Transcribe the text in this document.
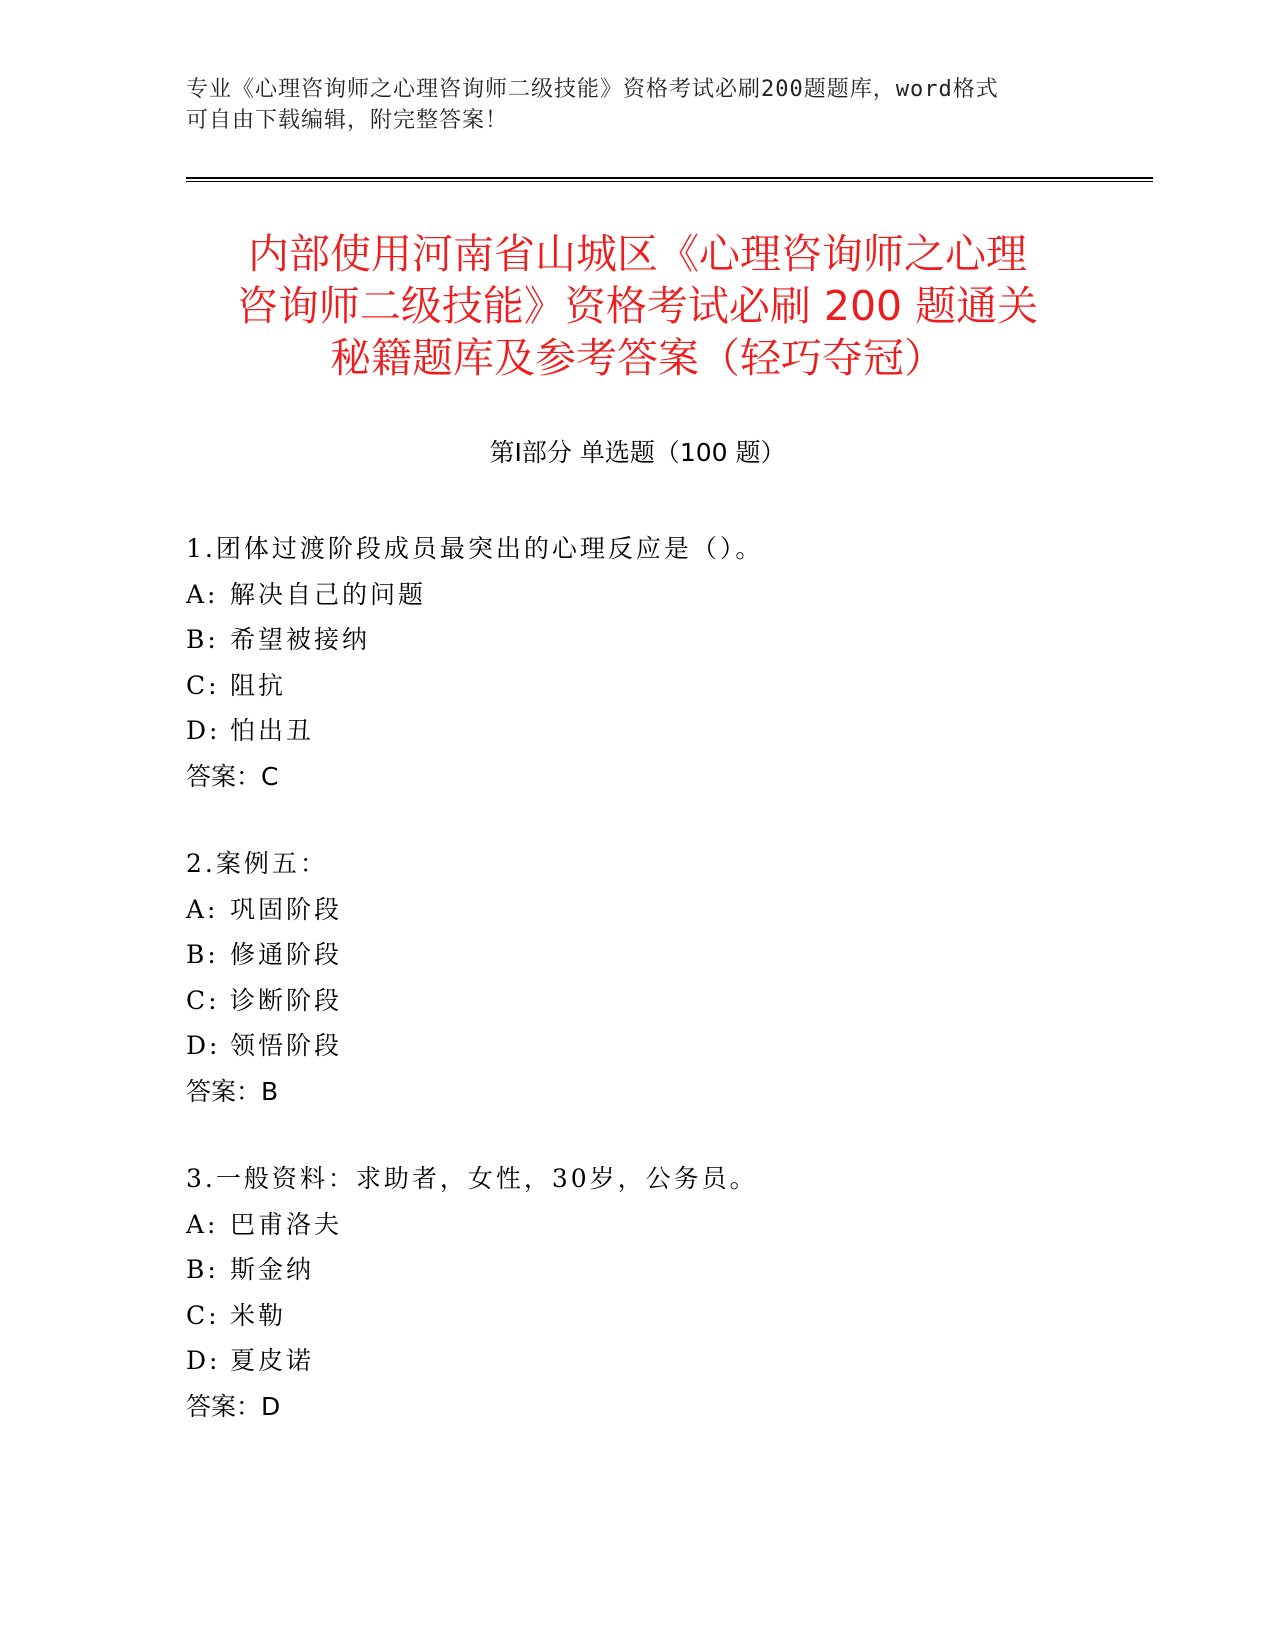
专业《心理咨询师之心理咨询师二级技能》资格考试必刷200题题库，word格式
可自由下载编辑，附完整答案！
内部使用河南省山城区《心理咨询师之心理
咨询师二级技能》资格考试必刷 200 题通关
秘籍题库及参考答案（轻巧夺冠）
第Ⅰ部分 单选题（100 题）
1.团体过渡阶段成员最突出的心理反应是（）。
A: 解决自己的问题
B: 希望被接纳
C: 阻抗
D: 怕出丑
答案：C
2.案例五：
A: 巩固阶段
B: 修通阶段
C: 诊断阶段
D: 领悟阶段
答案：B
3.一般资料：求助者，女性，30岁，公务员。
A: 巴甫洛夫
B: 斯金纳
C: 米勒
D: 夏皮诺
答案：D
